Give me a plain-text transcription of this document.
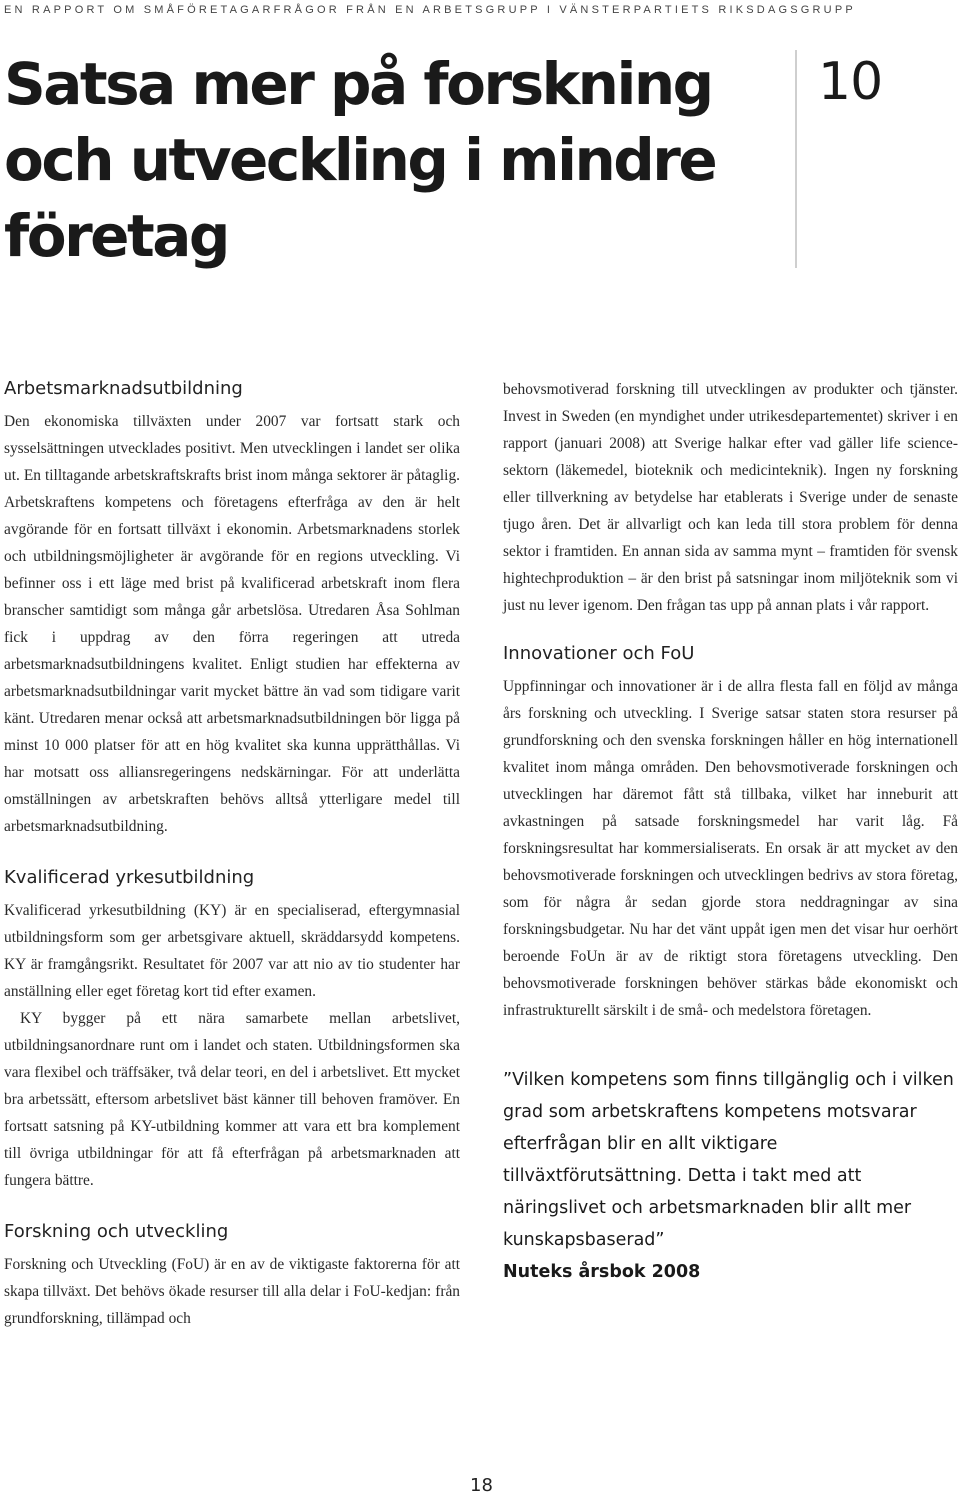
EN RAPPORT OM SMÅFÖRETAGARFRÅGOR FRÅN EN ARBETSGRUPP I VÄNSTERPARTIETS RIKSDAGSGRUPP
Satsa mer på forskning och utveckling i mindre företag
10
Arbetsmarknadsutbildning

Den ekonomiska tillväxten under 2007 var fortsatt stark och sysselsättningen utvecklades positivt. Men utvecklingen i landet ser olika ut. En tilltagande arbetskraftskrafts brist inom många sektorer är påtaglig. Arbetskraftens kompetens och företagens efterfråga av den är helt avgörande för en fortsatt tillväxt i ekonomin. Arbetsmarknadens storlek och utbildningsmöjligheter är avgörande för en regions utveckling. Vi befinner oss i ett läge med brist på kvalificerad arbetskraft inom flera branscher samtidigt som många går arbetslösa. Utredaren Åsa Sohlman fick i uppdrag av den förra regeringen att utreda arbetsmarknadsutbildningens kvalitet. Enligt studien har effekterna av arbetsmarknadsutbildningar varit mycket bättre än vad som tidigare varit känt. Utredaren menar också att arbetsmarknadsutbildningen bör ligga på minst 10 000 platser för att en hög kvalitet ska kunna upprätthållas. Vi har motsatt oss alliansregeringens nedskärningar. För att underlätta omställningen av arbetskraften behövs alltså ytterligare medel till arbetsmarknadsutbildning.

Kvalificerad yrkesutbildning

Kvalificerad yrkesutbildning (KY) är en specialiserad, eftergymnasial utbildningsform som ger arbetsgivare aktuell, skräddarsydd kompetens. KY är framgångsrikt. Resultatet för 2007 var att nio av tio studenter har anställning eller eget företag kort tid efter examen.

KY bygger på ett nära samarbete mellan arbetslivet, utbildningsanordnare runt om i landet och staten. Utbildningsformen ska vara flexibel och träffsäker, två delar teori, en del i arbetslivet. Ett mycket bra arbetssätt, eftersom arbetslivet bäst känner till behoven framöver. En fortsatt satsning på KY-utbildning kommer att vara ett bra komplement till övriga utbildningar för att få efterfrågan på arbetsmarknaden att fungera bättre.

Forskning och utveckling

Forskning och Utveckling (FoU) är en av de viktigaste faktorerna för att skapa tillväxt. Det behövs ökade resurser till alla delar i FoU-kedjan: från grundforskning, tillämpad och

behovsmotiverad forskning till utvecklingen av produkter och tjänster. Invest in Sweden (en myndighet under utrikesdepartementet) skriver i en rapport (januari 2008) att Sverige halkar efter vad gäller life science-sektorn (läkemedel, bioteknik och medicinteknik). Ingen ny forskning eller tillverkning av betydelse har etablerats i Sverige under de senaste tjugo åren. Det är allvarligt och kan leda till stora problem för denna sektor i framtiden. En annan sida av samma mynt – framtiden för svensk hightechproduktion – är den brist på satsningar inom miljöteknik som vi just nu lever igenom. Den frågan tas upp på annan plats i vår rapport.

Innovationer och FoU

Uppfinningar och innovationer är i de allra flesta fall en följd av många års forskning och utveckling. I Sverige satsar staten stora resurser på grundforskning och den svenska forskningen håller en hög internationell kvalitet inom många områden. Den behovsmotiverade forskningen och utvecklingen har däremot fått stå tillbaka, vilket har inneburit att avkastningen på satsade forskningsmedel har varit låg. Få forskningsresultat har kommersialiserats. En orsak är att mycket av den behovsmotiverade forskningen och utvecklingen bedrivs av stora företag, som för några år sedan gjorde stora neddragningar av sina forskningsbudgetar. Nu har det vänt uppåt igen men det visar hur oerhört beroende FoUn är av de riktigt stora företagens utveckling. Den behovsmotiverade forskningen behöver stärkas både ekonomiskt och infrastrukturellt särskilt i de små- och medelstora företagen.

”Vilken kompetens som finns tillgänglig och i vilken grad som arbetskraftens kompetens motsvarar efterfrågan blir en allt viktigare tillväxtförutsättning. Detta i takt med att näringslivet och arbetsmarknaden blir allt mer kunskapsbaserad”
Nuteks årsbok 2008
18
